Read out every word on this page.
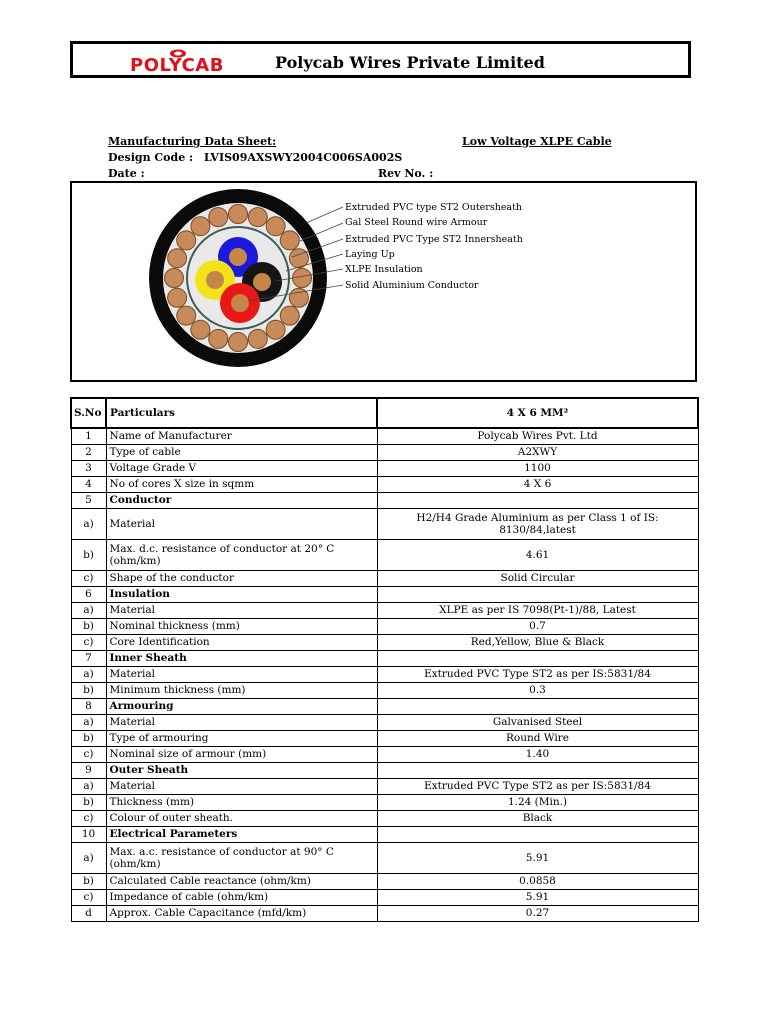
POLYCAB	Polycab Wires Private Limited
Manufacturing Data Sheet:	Low Voltage XLPE Cable
Design Code : LVIS09AXSWY2004C006SA002S
Date :	Rev No. :
Extruded PVC type ST2 Outersheath
Gal Steel Round wire Armour
Extruded PVC Type ST2 Innersheath
Laying Up
XLPE Insulation
Solid Aluminium Conductor
S.No	Particulars	4 X 6 MM²
1	Name of Manufacturer	Polycab Wires Pvt. Ltd
2	Type of cable	A2XWY
3	Voltage Grade V	1100
4	No of cores X size in sqmm	4 X 6
5	Conductor	
a)	Material	H2/H4 Grade Aluminium as per Class 1 of IS: 8130/84,latest
b)	Max. d.c. resistance of conductor at 20° C (ohm/km)	4.61
c)	Shape of the conductor	Solid Circular
6	Insulation	
a)	Material	XLPE as per IS 7098(Pt-1)/88, Latest
b)	Nominal thickness (mm)	0.7
c)	Core Identification	Red,Yellow, Blue & Black
7	Inner Sheath	
a)	Material	Extruded PVC Type ST2 as per IS:5831/84
b)	Minimum thickness (mm)	0.3
8	Armouring	
a)	Material	Galvanised Steel
b)	Type of armouring	Round Wire
c)	Nominal size of armour (mm)	1.40
9	Outer Sheath	
a)	Material	Extruded PVC Type ST2 as per IS:5831/84
b)	Thickness (mm)	1.24 (Min.)
c)	Colour of outer sheath.	Black
10	Electrical Parameters	
a)	Max. a.c. resistance of conductor at 90° C (ohm/km)	5.91
b)	Calculated Cable reactance (ohm/km)	0.0858
c)	Impedance of cable (ohm/km)	5.91
d	Approx. Cable Capacitance (mfd/km)	0.27
